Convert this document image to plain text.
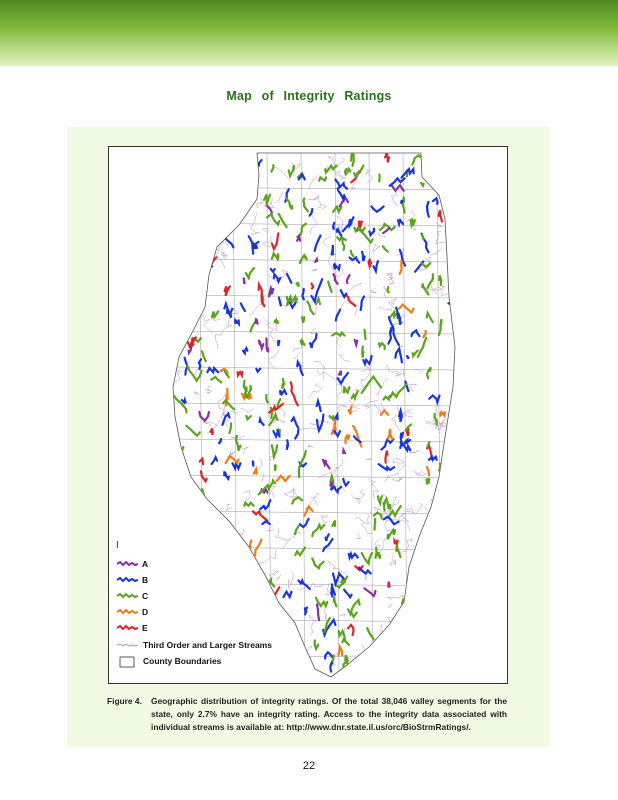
Map of Integrity Ratings
I
A
B
C
D
E
Third Order and Larger Streams
County Boundaries
Figure 4. Geographic distribution of integrity ratings. Of the total 38,046 valley segments for the state, only 2.7% have an integrity rating. Access to the integrity data associated with individual streams is available at: http://www.dnr.state.il.us/orc/BioStrmRatings/.
22
